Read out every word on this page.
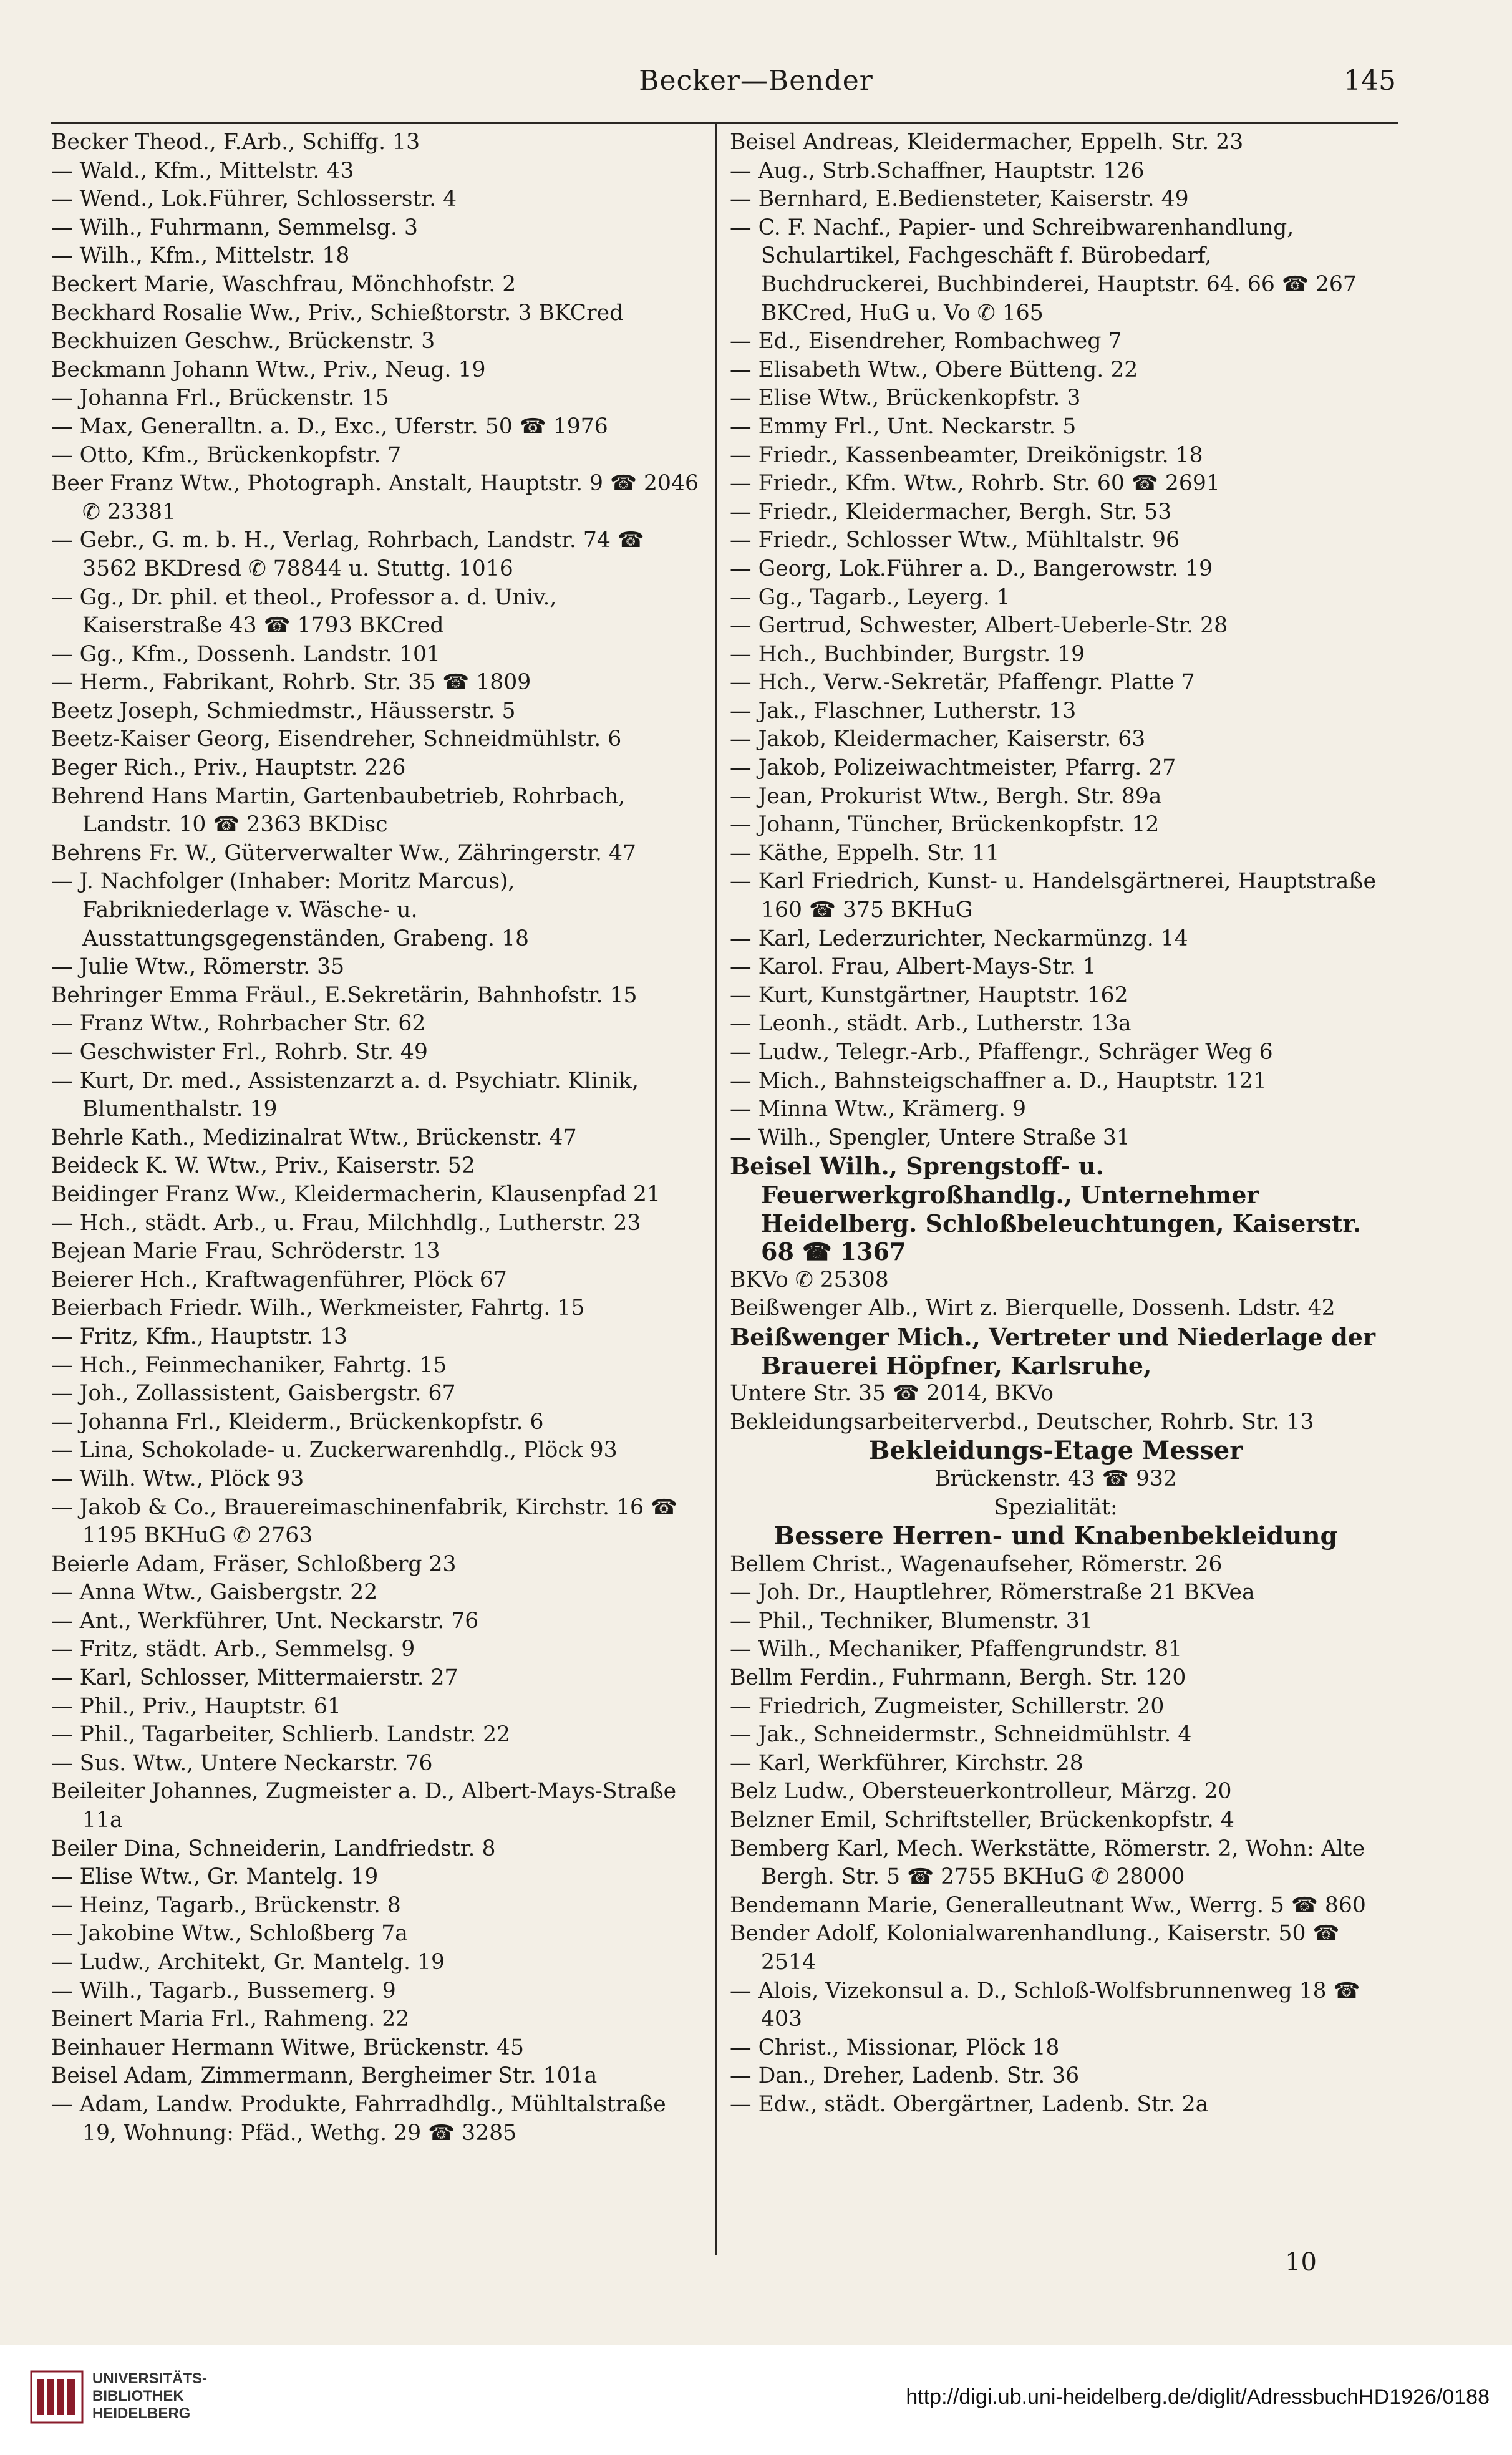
Becker—Bender	145
Becker Theod., F.Arb., Schiffg. 13
— Wald., Kfm., Mittelstr. 43
— Wend., Lok.Führer, Schlosserstr. 4
— Wilh., Fuhrmann, Semmelsg. 3
— Wilh., Kfm., Mittelstr. 18
Beckert Marie, Waschfrau, Mönchhofstr. 2
Beckhard Rosalie Ww., Priv., Schießtorstr. 3 BKCred
Beckhuizen Geschw., Brückenstr. 3
Beckmann Johann Wtw., Priv., Neug. 19
— Johanna Frl., Brückenstr. 15
— Max, Generalltn. a. D., Exc., Uferstr. 50 ☎ 1976
— Otto, Kfm., Brückenkopfstr. 7
Beer Franz Wtw., Photograph. Anstalt, Hauptstr. 9 ☎ 2046 ✆ 23381
— Gebr., G. m. b. H., Verlag, Rohrbach, Landstr. 74 ☎ 3562 BKDresd ✆ 78844 u. Stuttg. 1016
— Gg., Dr. phil. et theol., Professor a. d. Univ., Kaiserstraße 43 ☎ 1793 BKCred
— Gg., Kfm., Dossenh. Landstr. 101
— Herm., Fabrikant, Rohrb. Str. 35 ☎ 1809
Beetz Joseph, Schmiedmstr., Häusserstr. 5
Beetz-Kaiser Georg, Eisendreher, Schneidmühlstr. 6
Beger Rich., Priv., Hauptstr. 226
Behrend Hans Martin, Gartenbaubetrieb, Rohrbach, Landstr. 10 ☎ 2363 BKDisc
Behrens Fr. W., Güterverwalter Ww., Zähringerstr. 47
— J. Nachfolger (Inhaber: Moritz Marcus), Fabrikniederlage v. Wäsche- u. Ausstattungsgegenständen, Grabeng. 18
— Julie Wtw., Römerstr. 35
Behringer Emma Fräul., E.Sekretärin, Bahnhofstr. 15
— Franz Wtw., Rohrbacher Str. 62
— Geschwister Frl., Rohrb. Str. 49
— Kurt, Dr. med., Assistenzarzt a. d. Psychiatr. Klinik, Blumenthalstr. 19
Behrle Kath., Medizinalrat Wtw., Brückenstr. 47
Beideck K. W. Wtw., Priv., Kaiserstr. 52
Beidinger Franz Ww., Kleidermacherin, Klausenpfad 21
— Hch., städt. Arb., u. Frau, Milchhdlg., Lutherstr. 23
Bejean Marie Frau, Schröderstr. 13
Beierer Hch., Kraftwagenführer, Plöck 67
Beierbach Friedr. Wilh., Werkmeister, Fahrtg. 15
— Fritz, Kfm., Hauptstr. 13
— Hch., Feinmechaniker, Fahrtg. 15
— Joh., Zollassistent, Gaisbergstr. 67
— Johanna Frl., Kleiderm., Brückenkopfstr. 6
— Lina, Schokolade- u. Zuckerwarenhdlg., Plöck 93
— Wilh. Wtw., Plöck 93
— Jakob & Co., Brauereimaschinenfabrik, Kirchstr. 16 ☎ 1195 BKHuG ✆ 2763
Beierle Adam, Fräser, Schloßberg 23
— Anna Wtw., Gaisbergstr. 22
— Ant., Werkführer, Unt. Neckarstr. 76
— Fritz, städt. Arb., Semmelsg. 9
— Karl, Schlosser, Mittermaierstr. 27
— Phil., Priv., Hauptstr. 61
— Phil., Tagarbeiter, Schlierb. Landstr. 22
— Sus. Wtw., Untere Neckarstr. 76
Beileiter Johannes, Zugmeister a. D., Albert-Mays-Straße 11a
Beiler Dina, Schneiderin, Landfriedstr. 8
— Elise Wtw., Gr. Mantelg. 19
— Heinz, Tagarb., Brückenstr. 8
— Jakobine Wtw., Schloßberg 7a
— Ludw., Architekt, Gr. Mantelg. 19
— Wilh., Tagarb., Bussemerg. 9
Beinert Maria Frl., Rahmeng. 22
Beinhauer Hermann Witwe, Brückenstr. 45
Beisel Adam, Zimmermann, Bergheimer Str. 101a
— Adam, Landw. Produkte, Fahrradhdlg., Mühltalstraße 19, Wohnung: Pfäd., Wethg. 29 ☎ 3285
Beisel Andreas, Kleidermacher, Eppelh. Str. 23
— Aug., Strb.Schaffner, Hauptstr. 126
— Bernhard, E.Bediensteter, Kaiserstr. 49
— C. F. Nachf., Papier- und Schreibwarenhandlung, Schulartikel, Fachgeschäft f. Bürobedarf, Buchdruckerei, Buchbinderei, Hauptstr. 64. 66 ☎ 267 BKCred, HuG u. Vo ✆ 165
— Ed., Eisendreher, Rombachweg 7
— Elisabeth Wtw., Obere Bütteng. 22
— Elise Wtw., Brückenkopfstr. 3
— Emmy Frl., Unt. Neckarstr. 5
— Friedr., Kassenbeamter, Dreikönigstr. 18
— Friedr., Kfm. Wtw., Rohrb. Str. 60 ☎ 2691
— Friedr., Kleidermacher, Bergh. Str. 53
— Friedr., Schlosser Wtw., Mühltalstr. 96
— Georg, Lok.Führer a. D., Bangerowstr. 19
— Gg., Tagarb., Leyerg. 1
— Gertrud, Schwester, Albert-Ueberle-Str. 28
— Hch., Buchbinder, Burgstr. 19
— Hch., Verw.-Sekretär, Pfaffengr. Platte 7
— Jak., Flaschner, Lutherstr. 13
— Jakob, Kleidermacher, Kaiserstr. 63
— Jakob, Polizeiwachtmeister, Pfarrg. 27
— Jean, Prokurist Wtw., Bergh. Str. 89a
— Johann, Tüncher, Brückenkopfstr. 12
— Käthe, Eppelh. Str. 11
— Karl Friedrich, Kunst- u. Handelsgärtnerei, Hauptstraße 160 ☎ 375 BKHuG
— Karl, Lederzurichter, Neckarmünzg. 14
— Karol. Frau, Albert-Mays-Str. 1
— Kurt, Kunstgärtner, Hauptstr. 162
— Leonh., städt. Arb., Lutherstr. 13a
— Ludw., Telegr.-Arb., Pfaffengr., Schräger Weg 6
— Mich., Bahnsteigschaffner a. D., Hauptstr. 121
— Minna Wtw., Krämerg. 9
— Wilh., Spengler, Untere Straße 31
Beisel Wilh., Sprengstoff- u. Feuerwerkgroßhandlg., Unternehmer Heidelberg. Schloßbeleuchtungen, Kaiserstr. 68 ☎ 1367
BKVo ✆ 25308
Beißwenger Alb., Wirt z. Bierquelle, Dossenh. Ldstr. 42
Beißwenger Mich., Vertreter und Niederlage der Brauerei Höpfner, Karlsruhe,
Untere Str. 35 ☎ 2014, BKVo
Bekleidungsarbeiterverbd., Deutscher, Rohrb. Str. 13
Bekleidungs-Etage Messer
Brückenstr. 43 ☎ 932
Spezialität:
Bessere Herren- und Knabenbekleidung
Bellem Christ., Wagenaufseher, Römerstr. 26
— Joh. Dr., Hauptlehrer, Römerstraße 21 BKVea
— Phil., Techniker, Blumenstr. 31
— Wilh., Mechaniker, Pfaffengrundstr. 81
Bellm Ferdin., Fuhrmann, Bergh. Str. 120
— Friedrich, Zugmeister, Schillerstr. 20
— Jak., Schneidermstr., Schneidmühlstr. 4
— Karl, Werkführer, Kirchstr. 28
Belz Ludw., Obersteuerkontrolleur, Märzg. 20
Belzner Emil, Schriftsteller, Brückenkopfstr. 4
Bemberg Karl, Mech. Werkstätte, Römerstr. 2, Wohn: Alte Bergh. Str. 5 ☎ 2755 BKHuG ✆ 28000
Bendemann Marie, Generalleutnant Ww., Werrg. 5 ☎ 860
Bender Adolf, Kolonialwarenhandlung., Kaiserstr. 50 ☎ 2514
— Alois, Vizekonsul a. D., Schloß-Wolfsbrunnenweg 18 ☎ 403
— Christ., Missionar, Plöck 18
— Dan., Dreher, Ladenb. Str. 36
— Edw., städt. Obergärtner, Ladenb. Str. 2a
10
UNIVERSITÄTS-
BIBLIOTHEK
HEIDELBERG
http://digi.ub.uni-heidelberg.de/diglit/AdressbuchHD1926/0188
